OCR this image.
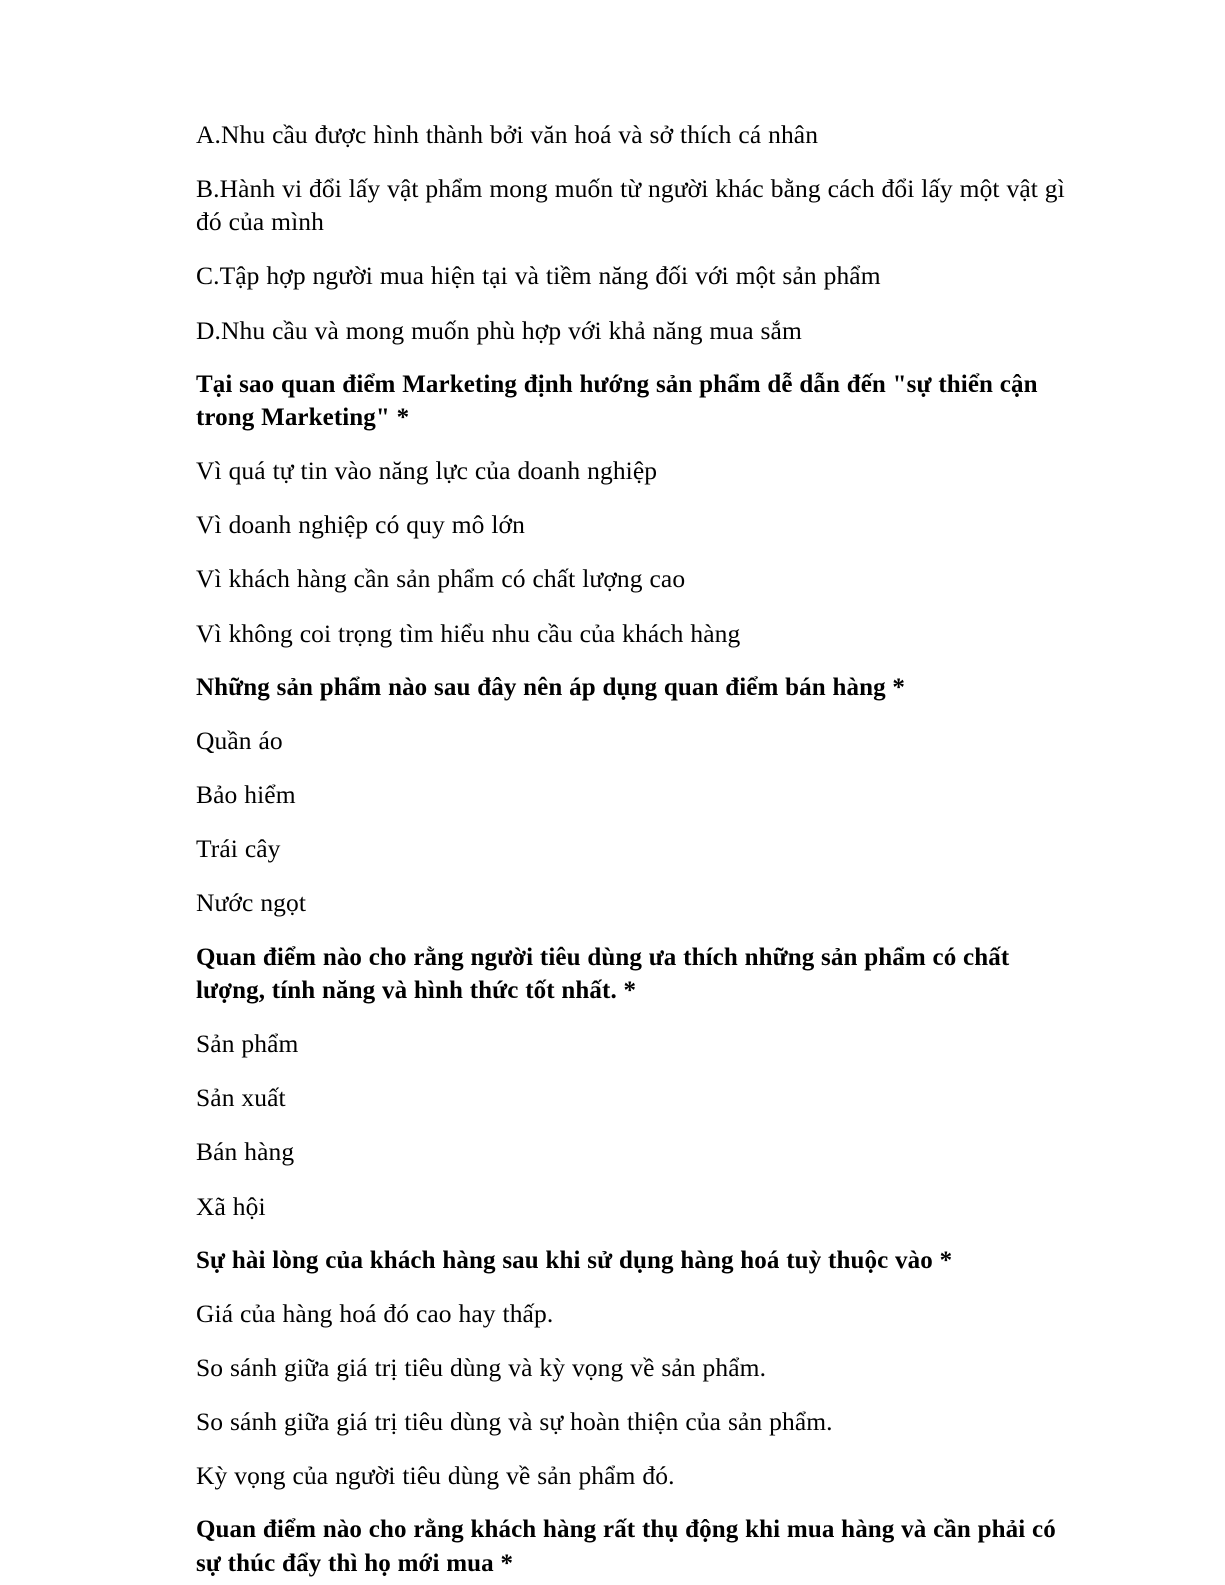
A.Nhu cầu được hình thành bởi văn hoá và sở thích cá nhân

B.Hành vi đổi lấy vật phẩm mong muốn từ người khác bằng cách đổi lấy một vật gì đó của mình

C.Tập hợp người mua hiện tại và tiềm năng đối với một sản phẩm

D.Nhu cầu và mong muốn phù hợp với khả năng mua sắm

Tại sao quan điểm Marketing định hướng sản phẩm dễ dẫn đến "sự thiển cận trong Marketing" *

Vì quá tự tin vào năng lực của doanh nghiệp

Vì doanh nghiệp có quy mô lớn

Vì khách hàng cần sản phẩm có chất lượng cao

Vì không coi trọng tìm hiểu nhu cầu của khách hàng

Những sản phẩm nào sau đây nên áp dụng quan điểm bán hàng *

Quần áo

Bảo hiểm

Trái cây

Nước ngọt

Quan điểm nào cho rằng người tiêu dùng ưa thích những sản phẩm có chất lượng, tính năng và hình thức tốt nhất. *

Sản phẩm

Sản xuất

Bán hàng

Xã hội

Sự hài lòng của khách hàng sau khi sử dụng hàng hoá tuỳ thuộc vào *

Giá của hàng hoá đó cao hay thấp.

So sánh giữa giá trị tiêu dùng và kỳ vọng về sản phẩm.

So sánh giữa giá trị tiêu dùng và sự hoàn thiện của sản phẩm.

Kỳ vọng của người tiêu dùng về sản phẩm đó.

Quan điểm nào cho rằng khách hàng rất thụ động khi mua hàng và cần phải có sự thúc đẩy thì họ mới mua *
